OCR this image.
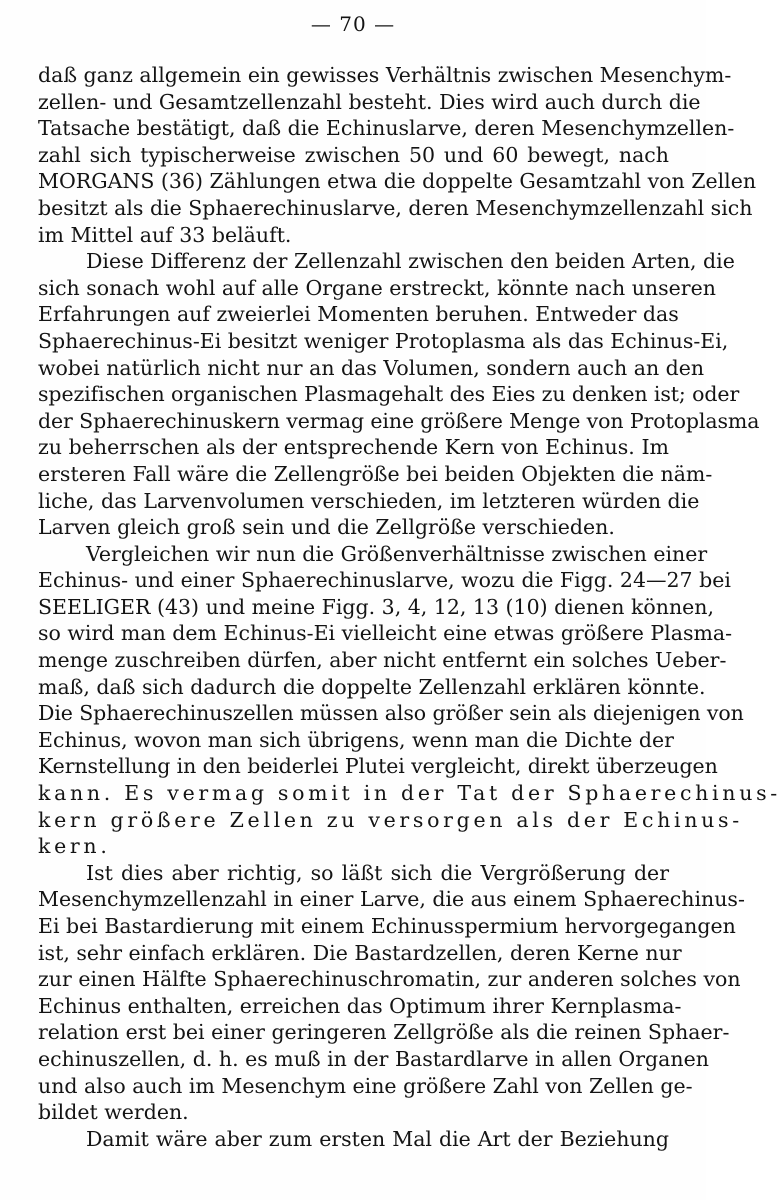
— 70 —
daß ganz allgemein ein gewisses Verhältnis zwischen Mesenchym-
zellen- und Gesamtzellenzahl besteht. Dies wird auch durch die
Tatsache bestätigt, daß die Echinuslarve, deren Mesenchymzellen-
zahl sich typischerweise zwischen 50 und 60 bewegt, nach
MORGANS (36) Zählungen etwa die doppelte Gesamtzahl von Zellen
besitzt als die Sphaerechinuslarve, deren Mesenchymzellenzahl sich
im Mittel auf 33 beläuft.
Diese Differenz der Zellenzahl zwischen den beiden Arten, die
sich sonach wohl auf alle Organe erstreckt, könnte nach unseren
Erfahrungen auf zweierlei Momenten beruhen. Entweder das
Sphaerechinus-Ei besitzt weniger Protoplasma als das Echinus-Ei,
wobei natürlich nicht nur an das Volumen, sondern auch an den
spezifischen organischen Plasmagehalt des Eies zu denken ist; oder
der Sphaerechinuskern vermag eine größere Menge von Protoplasma
zu beherrschen als der entsprechende Kern von Echinus. Im
ersteren Fall wäre die Zellengröße bei beiden Objekten die näm-
liche, das Larvenvolumen verschieden, im letzteren würden die
Larven gleich groß sein und die Zellgröße verschieden.
Vergleichen wir nun die Größenverhältnisse zwischen einer
Echinus- und einer Sphaerechinuslarve, wozu die Figg. 24—27 bei
SEELIGER (43) und meine Figg. 3, 4, 12, 13 (10) dienen können,
so wird man dem Echinus-Ei vielleicht eine etwas größere Plasma-
menge zuschreiben dürfen, aber nicht entfernt ein solches Ueber-
maß, daß sich dadurch die doppelte Zellenzahl erklären könnte.
Die Sphaerechinuszellen müssen also größer sein als diejenigen von
Echinus, wovon man sich übrigens, wenn man die Dichte der
Kernstellung in den beiderlei Plutei vergleicht, direkt überzeugen
kann. Es vermag somit in der Tat der Sphaerechinus-
kern größere Zellen zu versorgen als der Echinus-
kern.
Ist dies aber richtig, so läßt sich die Vergrößerung der
Mesenchymzellenzahl in einer Larve, die aus einem Sphaerechinus-
Ei bei Bastardierung mit einem Echinusspermium hervorgegangen
ist, sehr einfach erklären. Die Bastardzellen, deren Kerne nur
zur einen Hälfte Sphaerechinuschromatin, zur anderen solches von
Echinus enthalten, erreichen das Optimum ihrer Kernplasma-
relation erst bei einer geringeren Zellgröße als die reinen Sphaer-
echinuszellen, d. h. es muß in der Bastardlarve in allen Organen
und also auch im Mesenchym eine größere Zahl von Zellen ge-
bildet werden.
Damit wäre aber zum ersten Mal die Art der Beziehung
